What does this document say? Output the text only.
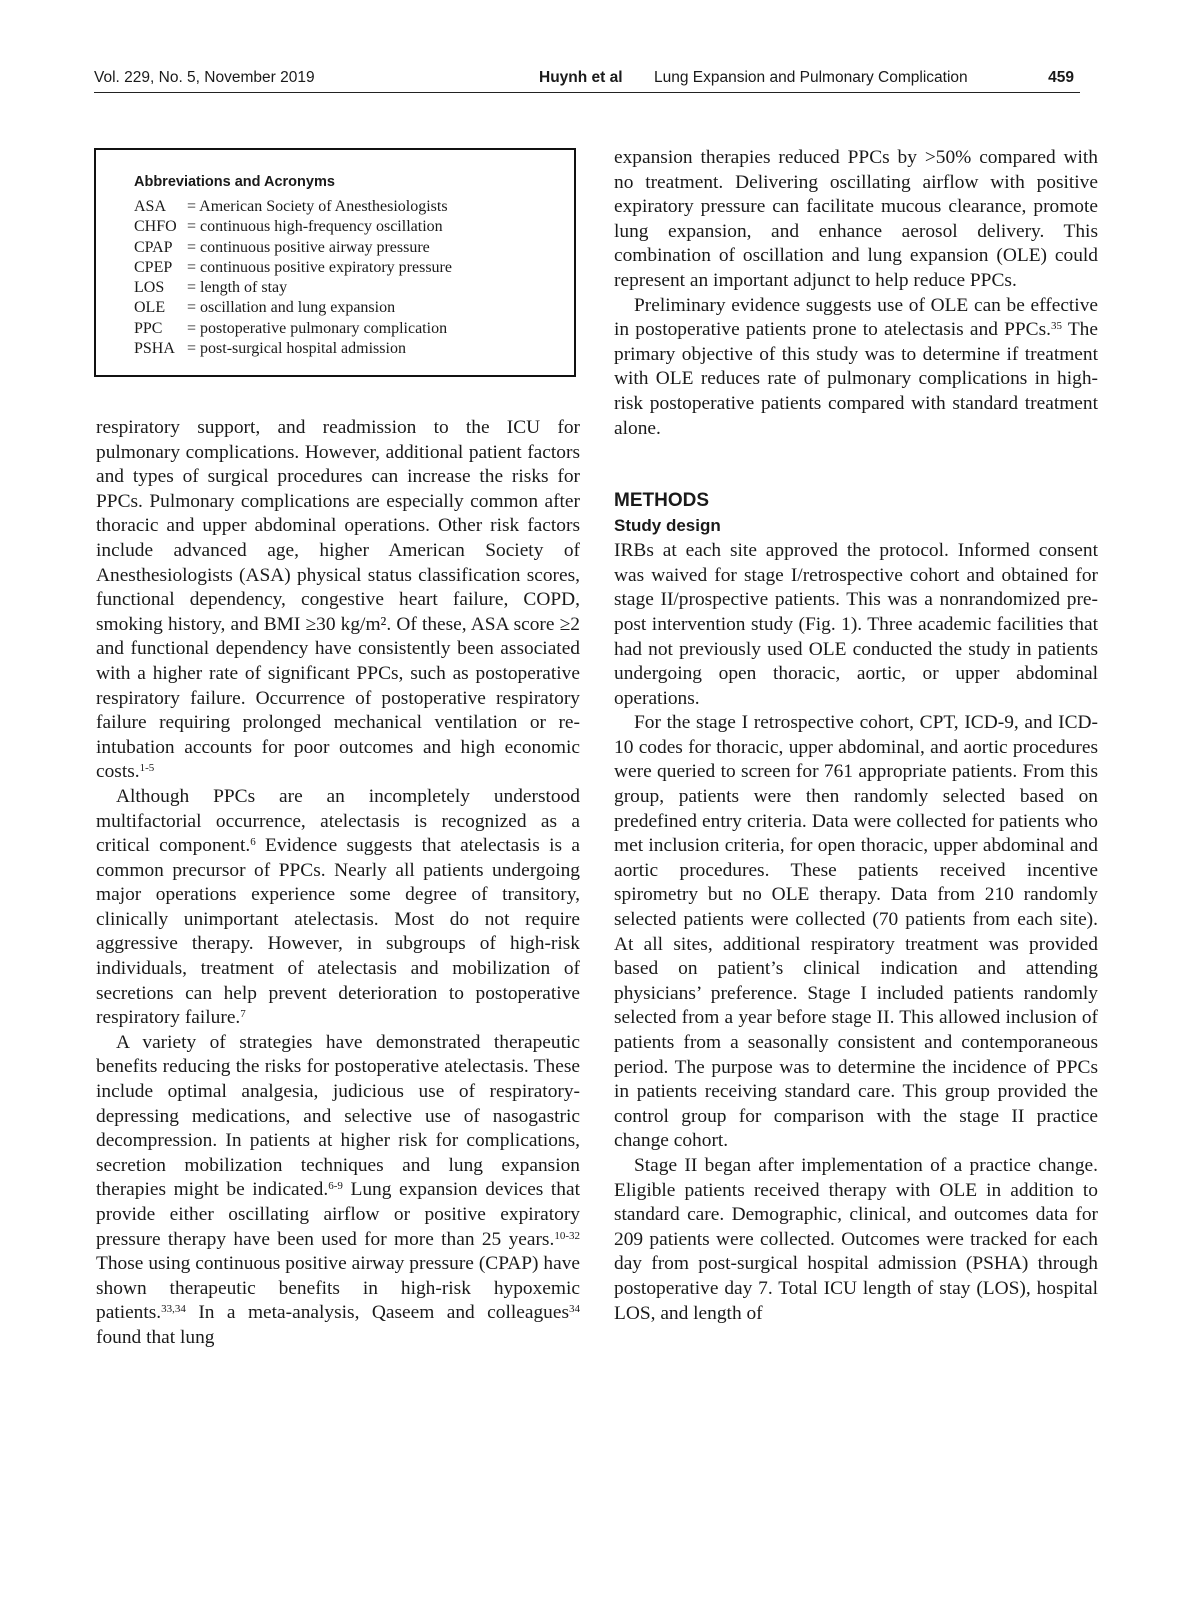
Vol. 229, No. 5, November 2019	Huynh et al Lung Expansion and Pulmonary Complication	459
Abbreviations and Acronyms
ASA = American Society of Anesthesiologists
CHFO = continuous high-frequency oscillation
CPAP = continuous positive airway pressure
CPEP = continuous positive expiratory pressure
LOS = length of stay
OLE = oscillation and lung expansion
PPC = postoperative pulmonary complication
PSHA = post-surgical hospital admission

respiratory support, and readmission to the ICU for pulmonary complications. However, additional patient factors and types of surgical procedures can increase the risks for PPCs. Pulmonary complications are especially common after thoracic and upper abdominal operations. Other risk factors include advanced age, higher American Society of Anesthesiologists (ASA) physical status classification scores, functional dependency, congestive heart failure, COPD, smoking history, and BMI ≥30 kg/m². Of these, ASA score ≥2 and functional dependency have consistently been associated with a higher rate of significant PPCs, such as postoperative respiratory failure. Occurrence of postoperative respiratory failure requiring prolonged mechanical ventilation or re-intubation accounts for poor outcomes and high economic costs.$^{1-5}$

Although PPCs are an incompletely understood multifactorial occurrence, atelectasis is recognized as a critical component.$^6$ Evidence suggests that atelectasis is a common precursor of PPCs. Nearly all patients undergoing major operations experience some degree of transitory, clinically unimportant atelectasis. Most do not require aggressive therapy. However, in subgroups of high-risk individuals, treatment of atelectasis and mobilization of secretions can help prevent deterioration to postoperative respiratory failure.$^7$

A variety of strategies have demonstrated therapeutic benefits reducing the risks for postoperative atelectasis. These include optimal analgesia, judicious use of respiratory-depressing medications, and selective use of nasogastric decompression. In patients at higher risk for complications, secretion mobilization techniques and lung expansion therapies might be indicated.$^{6-9}$ Lung expansion devices that provide either oscillating airflow or positive expiratory pressure therapy have been used for more than 25 years.$^{10-32}$ Those using continuous positive airway pressure (CPAP) have shown therapeutic benefits in high-risk hypoxemic patients.$^{33,34}$ In a meta-analysis, Qaseem and colleagues$^{34}$ found that lung

expansion therapies reduced PPCs by >50% compared with no treatment. Delivering oscillating airflow with positive expiratory pressure can facilitate mucous clearance, promote lung expansion, and enhance aerosol delivery. This combination of oscillation and lung expansion (OLE) could represent an important adjunct to help reduce PPCs.

Preliminary evidence suggests use of OLE can be effective in postoperative patients prone to atelectasis and PPCs.$^{35}$ The primary objective of this study was to determine if treatment with OLE reduces rate of pulmonary complications in high-risk postoperative patients compared with standard treatment alone.

METHODS
Study design

IRBs at each site approved the protocol. Informed consent was waived for stage I/retrospective cohort and obtained for stage II/prospective patients. This was a nonrandomized pre-post intervention study (Fig. 1). Three academic facilities that had not previously used OLE conducted the study in patients undergoing open thoracic, aortic, or upper abdominal operations.

For the stage I retrospective cohort, CPT, ICD-9, and ICD-10 codes for thoracic, upper abdominal, and aortic procedures were queried to screen for 761 appropriate patients. From this group, patients were then randomly selected based on predefined entry criteria. Data were collected for patients who met inclusion criteria, for open thoracic, upper abdominal and aortic procedures. These patients received incentive spirometry but no OLE therapy. Data from 210 randomly selected patients were collected (70 patients from each site). At all sites, additional respiratory treatment was provided based on patient’s clinical indication and attending physicians’ preference. Stage I included patients randomly selected from a year before stage II. This allowed inclusion of patients from a seasonally consistent and contemporaneous period. The purpose was to determine the incidence of PPCs in patients receiving standard care. This group provided the control group for comparison with the stage II practice change cohort.

Stage II began after implementation of a practice change. Eligible patients received therapy with OLE in addition to standard care. Demographic, clinical, and outcomes data for 209 patients were collected. Outcomes were tracked for each day from post-surgical hospital admission (PSHA) through postoperative day 7. Total ICU length of stay (LOS), hospital LOS, and length of
